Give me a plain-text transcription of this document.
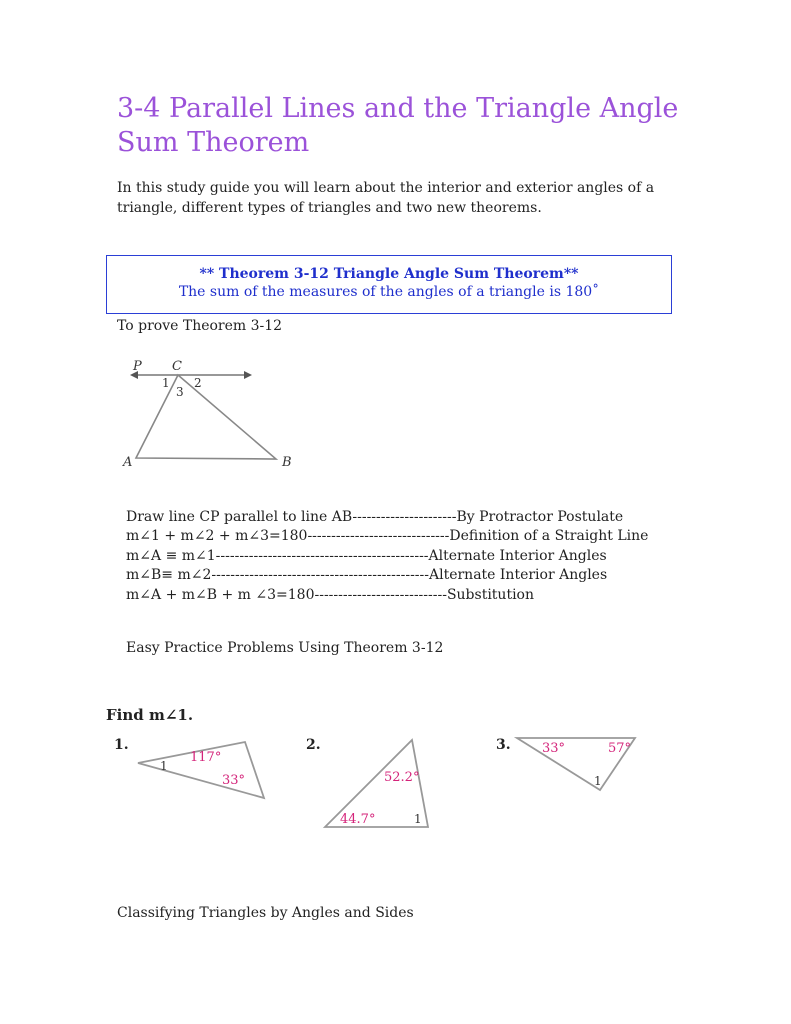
3-4 Parallel Lines and the Triangle Angle Sum Theorem

In this study guide you will learn about the interior and exterior angles of a triangle, different types of triangles and two new theorems.

** Theorem 3-12 Triangle Angle Sum Theorem**
The sum of the measures of the angles of a triangle is 180˚

To prove Theorem 3-12

P C
1 2
3
A	B
Draw line CP parallel to line AB----------------------By Protractor Postulate
m∠1 + m∠2 + m∠3=180------------------------------Definition of a Straight Line
m∠A ≡ m∠1---------------------------------------------Alternate Interior Angles
m∠B≡ m∠2----------------------------------------------Alternate Interior Angles
m∠A + m∠B + m ∠3=180----------------------------Substitution

Easy Practice Problems Using Theorem 3-12

Find m∠1.
1.
117°
33°
1
2.
52.2°
44.7°	1
3. 33°	57°
1

Classifying Triangles by Angles and Sides
